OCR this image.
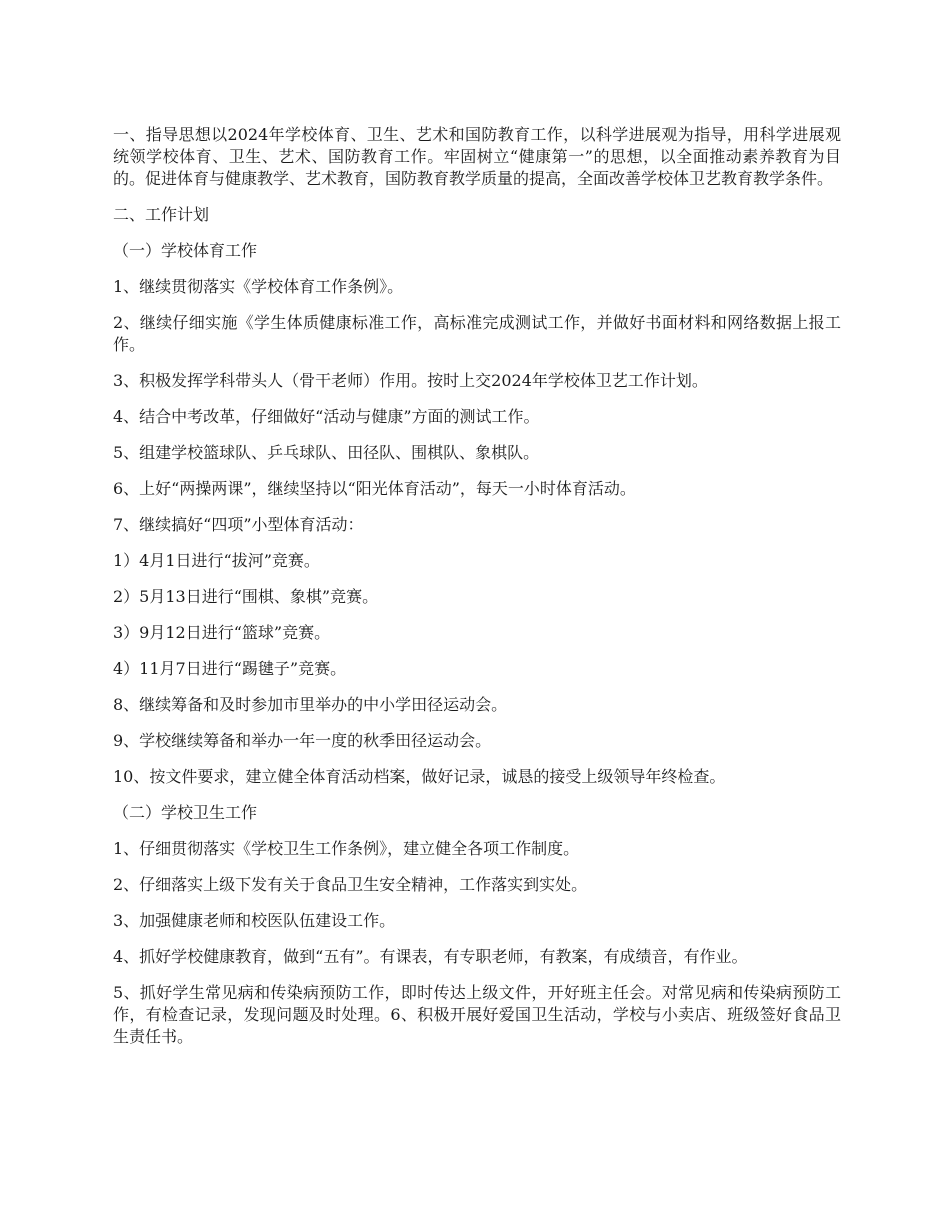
一、指导思想以2024年学校体育、卫生、艺术和国防教育工作，以科学进展观为指导，用科学进展观统领学校体育、卫生、艺术、国防教育工作。牢固树立“健康第一”的思想，以全面推动素养教育为目的。促进体育与健康教学、艺术教育，国防教育教学质量的提高，全面改善学校体卫艺教育教学条件。

二、工作计划

（一）学校体育工作

1、继续贯彻落实《学校体育工作条例》。

2、继续仔细实施《学生体质健康标准工作，高标准完成测试工作，并做好书面材料和网络数据上报工作。

3、积极发挥学科带头人（骨干老师）作用。按时上交2024年学校体卫艺工作计划。

4、结合中考改革，仔细做好“活动与健康”方面的测试工作。

5、组建学校篮球队、乒乓球队、田径队、围棋队、象棋队。

6、上好“两操两课”，继续坚持以“阳光体育活动”，每天一小时体育活动。

7、继续搞好“四项”小型体育活动：

1）4月1日进行“拔河”竞赛。

2）5月13日进行“围棋、象棋”竞赛。

3）9月12日进行“篮球”竞赛。

4）11月7日进行“踢毽子”竞赛。

8、继续筹备和及时参加市里举办的中小学田径运动会。

9、学校继续筹备和举办一年一度的秋季田径运动会。

10、按文件要求，建立健全体育活动档案，做好记录，诚恳的接受上级领导年终检查。

（二）学校卫生工作

1、仔细贯彻落实《学校卫生工作条例》，建立健全各项工作制度。

2、仔细落实上级下发有关于食品卫生安全精神，工作落实到实处。

3、加强健康老师和校医队伍建设工作。

4、抓好学校健康教育，做到“五有”。有课表，有专职老师，有教案，有成绩音，有作业。

5、抓好学生常见病和传染病预防工作，即时传达上级文件，开好班主任会。对常见病和传染病预防工作，有检查记录，发现问题及时处理。6、积极开展好爱国卫生活动，学校与小卖店、班级签好食品卫生责任书。
